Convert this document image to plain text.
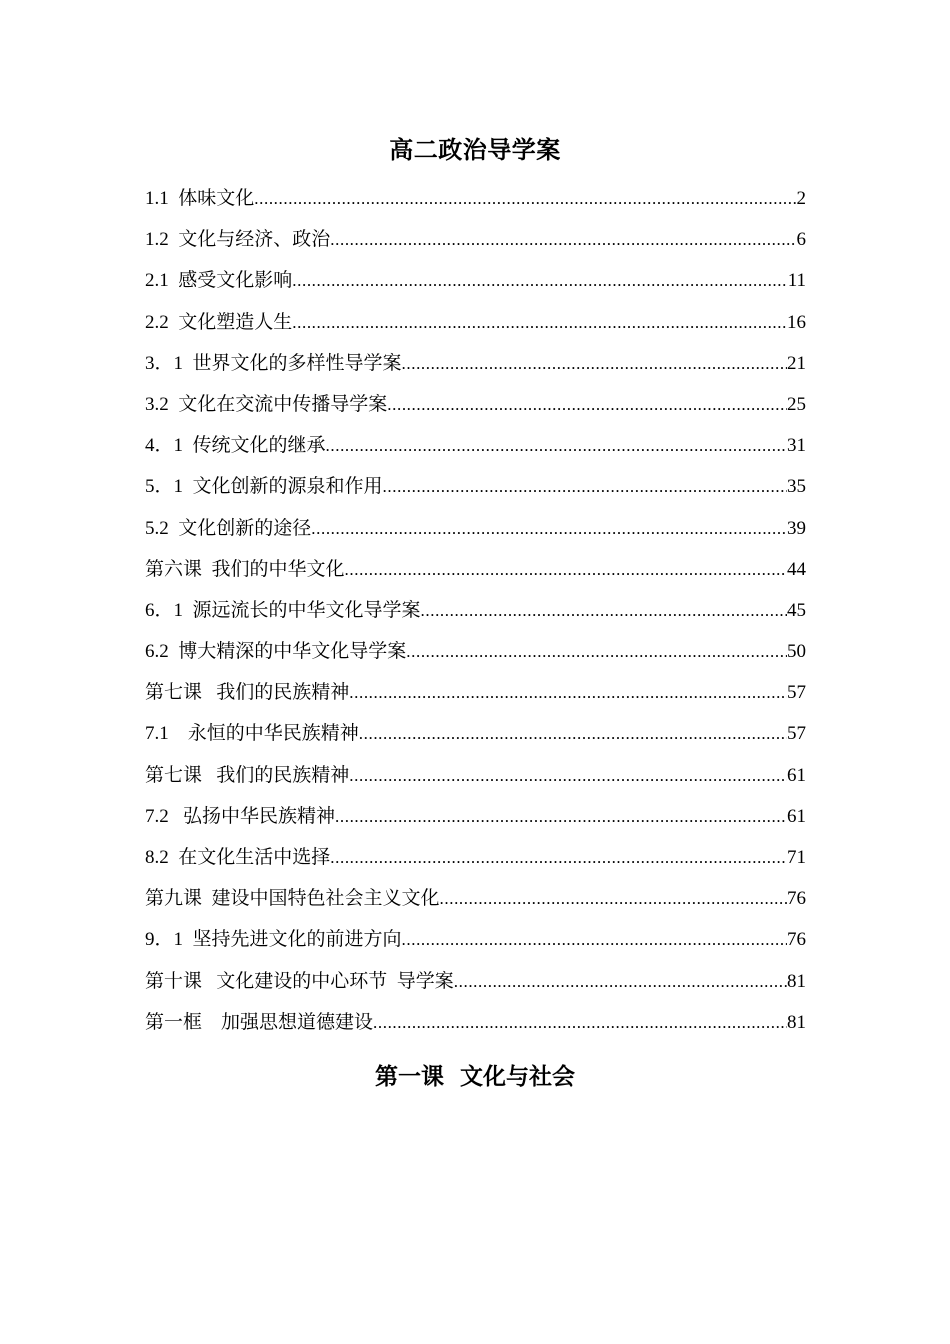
高二政治导学案
1.1  体味文化 .....	2
1.2  文化与经济、政治 .....	6
2.1  感受文化影响 .....	11
2.2  文化塑造人生 .....	16
3．1  世界文化的多样性导学案 .....	21
3.2  文化在交流中传播导学案 .....	25
4．1  传统文化的继承 .....	31
5．1  文化创新的源泉和作用 .....	35
5.2  文化创新的途径 .....	39
第六课  我们的中华文化 .....	44
6．1  源远流长的中华文化导学案 .....	45
6.2  博大精深的中华文化导学案 .....	50
第七课   我们的民族精神 .....	57
7.1    永恒的中华民族精神 .....	57
第七课   我们的民族精神 .....	61
7.2   弘扬中华民族精神 .....	61
8.2  在文化生活中选择 .....	71
第九课  建设中国特色社会主义文化 .....	76
9．1  坚持先进文化的前进方向 .....	76
第十课   文化建设的中心环节  导学案 .....	81
第一框    加强思想道德建设 .....	81
第一课  文化与社会
